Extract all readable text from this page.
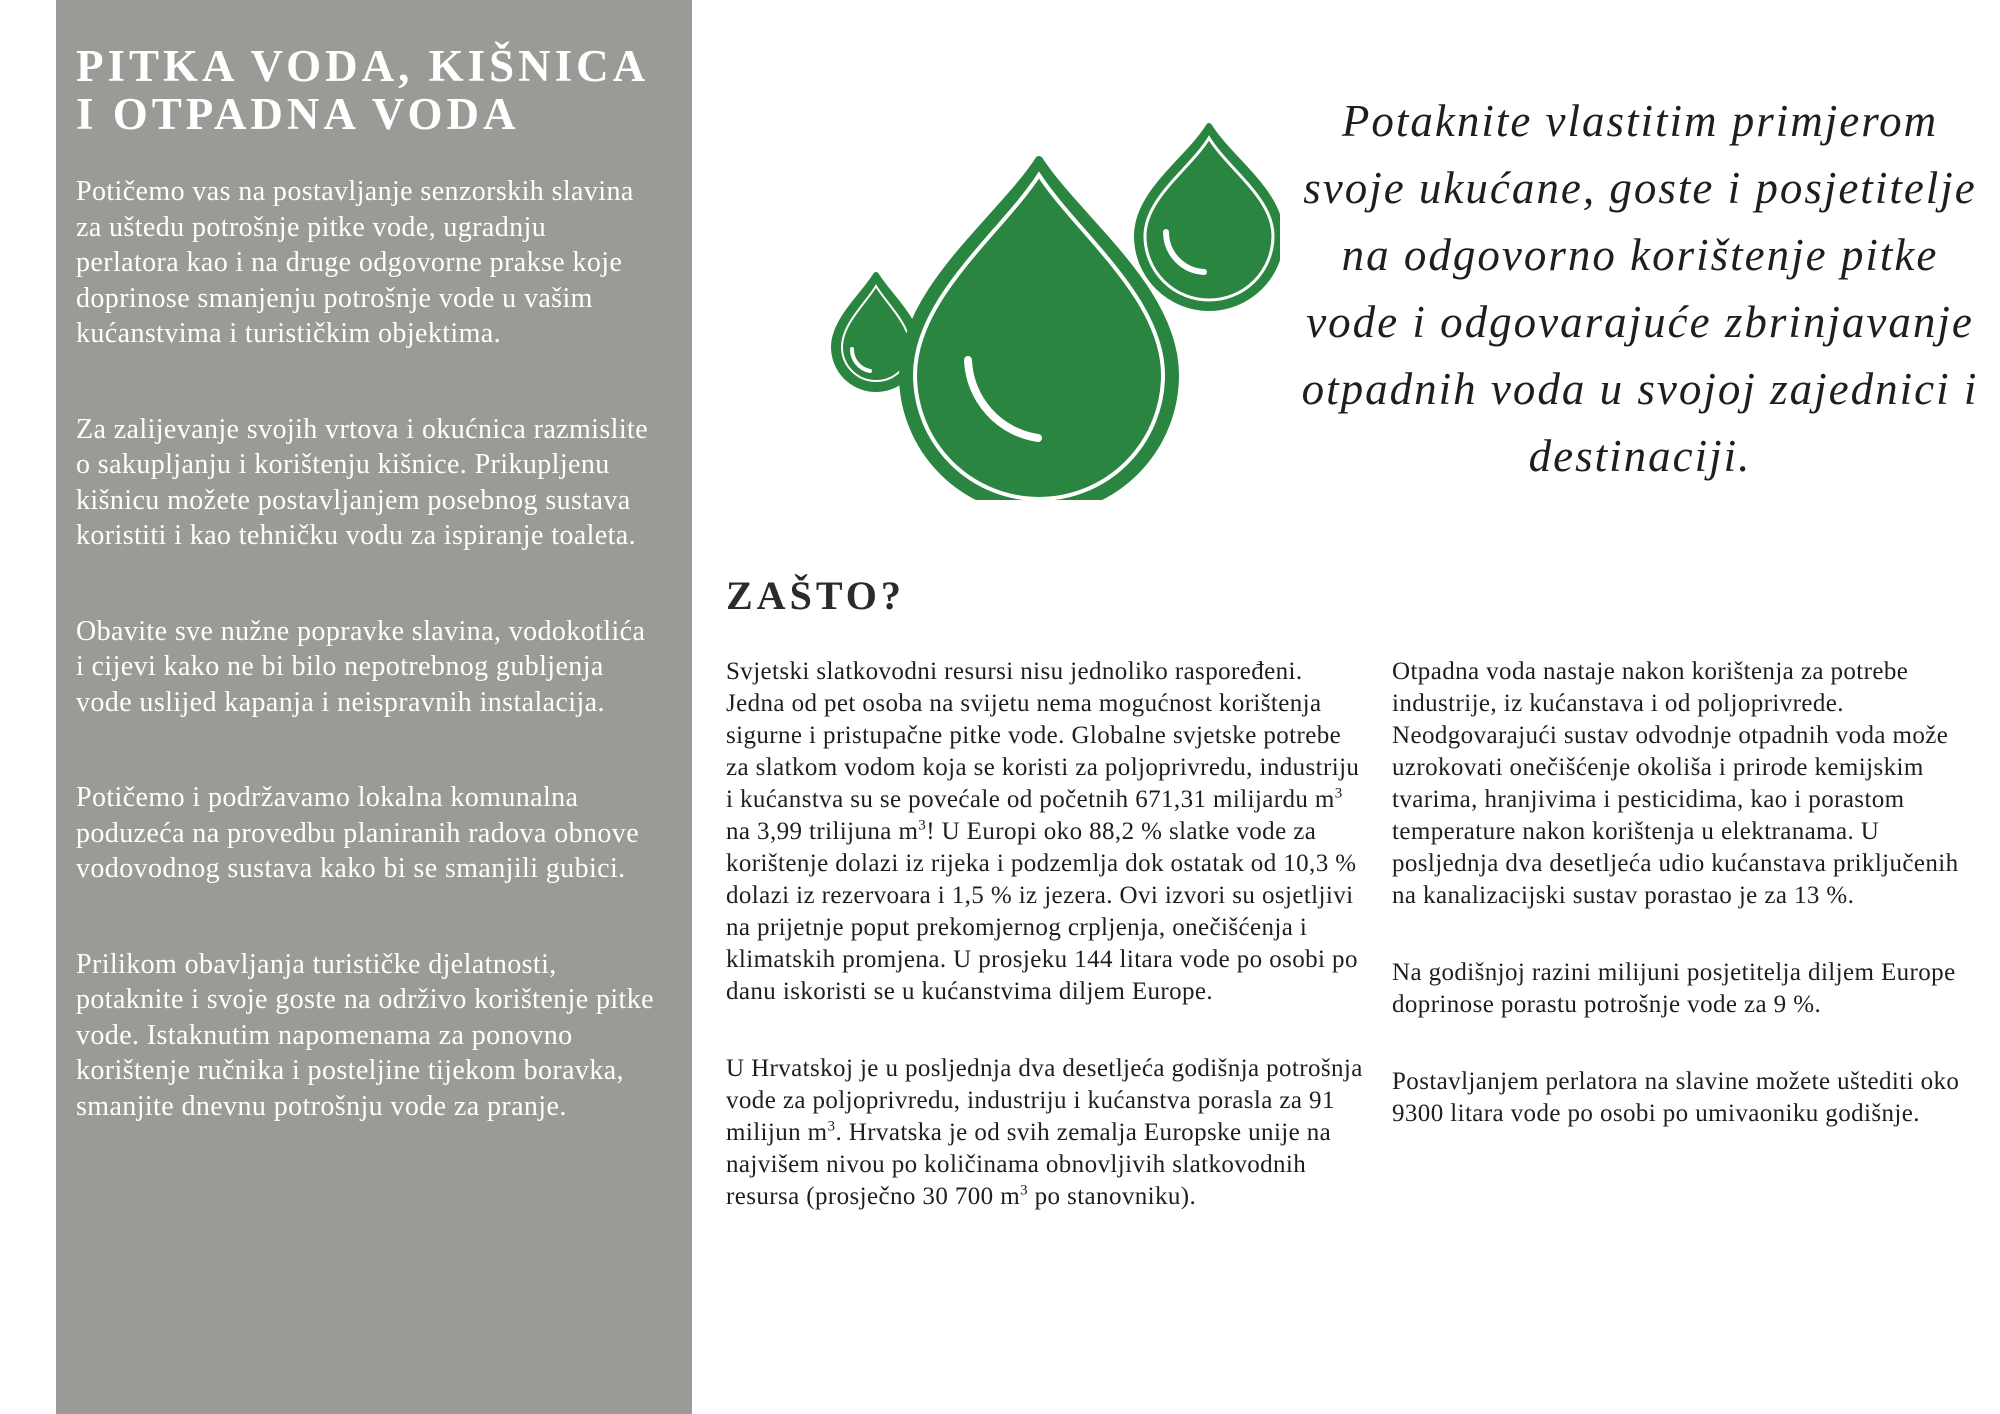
PITKA VODA, KIŠNICA I OTPADNA VODA

Potičemo vas na postavljanje senzorskih slavina za uštedu potrošnje pitke vode, ugradnju perlatora kao i na druge odgovorne prakse koje doprinose smanjenju potrošnje vode u vašim kućanstvima i turističkim objektima.

Za zalijevanje svojih vrtova i okućnica razmislite o sakupljanju i korištenju kišnice. Prikupljenu kišnicu možete postavljanjem posebnog sustava koristiti i kao tehničku vodu za ispiranje toaleta.

Obavite sve nužne popravke slavina, vodokotlića i cijevi kako ne bi bilo nepotrebnog gubljenja vode uslijed kapanja i neispravnih instalacija.

Potičemo i podržavamo lokalna komunalna poduzeća na provedbu planiranih radova obnove vodovodnog sustava kako bi se smanjili gubici.

Prilikom obavljanja turističke djelatnosti, potaknite i svoje goste na održivo korištenje pitke vode. Istaknutim napomenama za ponovno korištenje ručnika i posteljine tijekom boravka, smanjite dnevnu potrošnju vode za pranje.

Potaknite vlastitim primjerom svoje ukućane, goste i posjetitelje na odgovorno korištenje pitke vode i odgovarajuće zbrinjavanje otpadnih voda u svojoj zajednici i destinaciji.
ZAŠTO?

Svjetski slatkovodni resursi nisu jednoliko raspoređeni. Jedna od pet osoba na svijetu nema mogućnost korištenja sigurne i pristupačne pitke vode. Globalne svjetske potrebe za slatkom vodom koja se koristi za poljoprivredu, industriju i kućanstva su se povećale od početnih 671,31 milijardu $m^3$ na 3,99 trilijuna $m^3$! U Europi oko 88,2 % slatke vode za korištenje dolazi iz rijeka i podzemlja dok ostatak od 10,3 % dolazi iz rezervoara i 1,5 % iz jezera. Ovi izvori su osjetljivi na prijetnje poput prekomjernog crpljenja, onečišćenja i klimatskih promjena. U prosjeku 144 litara vode po osobi po danu iskoristi se u kućanstvima diljem Europe.

U Hrvatskoj je u posljednja dva desetljeća godišnja potrošnja vode za poljoprivredu, industriju i kućanstva porasla za 91 milijun $m^3$. Hrvatska je od svih zemalja Europske unije na najvišem nivou po količinama obnovljivih slatkovodnih resursa (prosječno 30 700 $m^3$ po stanovniku).

Otpadna voda nastaje nakon korištenja za potrebe industrije, iz kućanstava i od poljoprivrede. Neodgovarajući sustav odvodnje otpadnih voda može uzrokovati onečišćenje okoliša i prirode kemijskim tvarima, hranjivima i pesticidima, kao i porastom temperature nakon korištenja u elektranama. U posljednja dva desetljeća udio kućanstava priključenih na kanalizacijski sustav porastao je za 13 %.

Na godišnjoj razini milijuni posjetitelja diljem Europe doprinose porastu potrošnje vode za 9 %.

Postavljanjem perlatora na slavine možete uštediti oko 9300 litara vode po osobi po umivaoniku godišnje.
